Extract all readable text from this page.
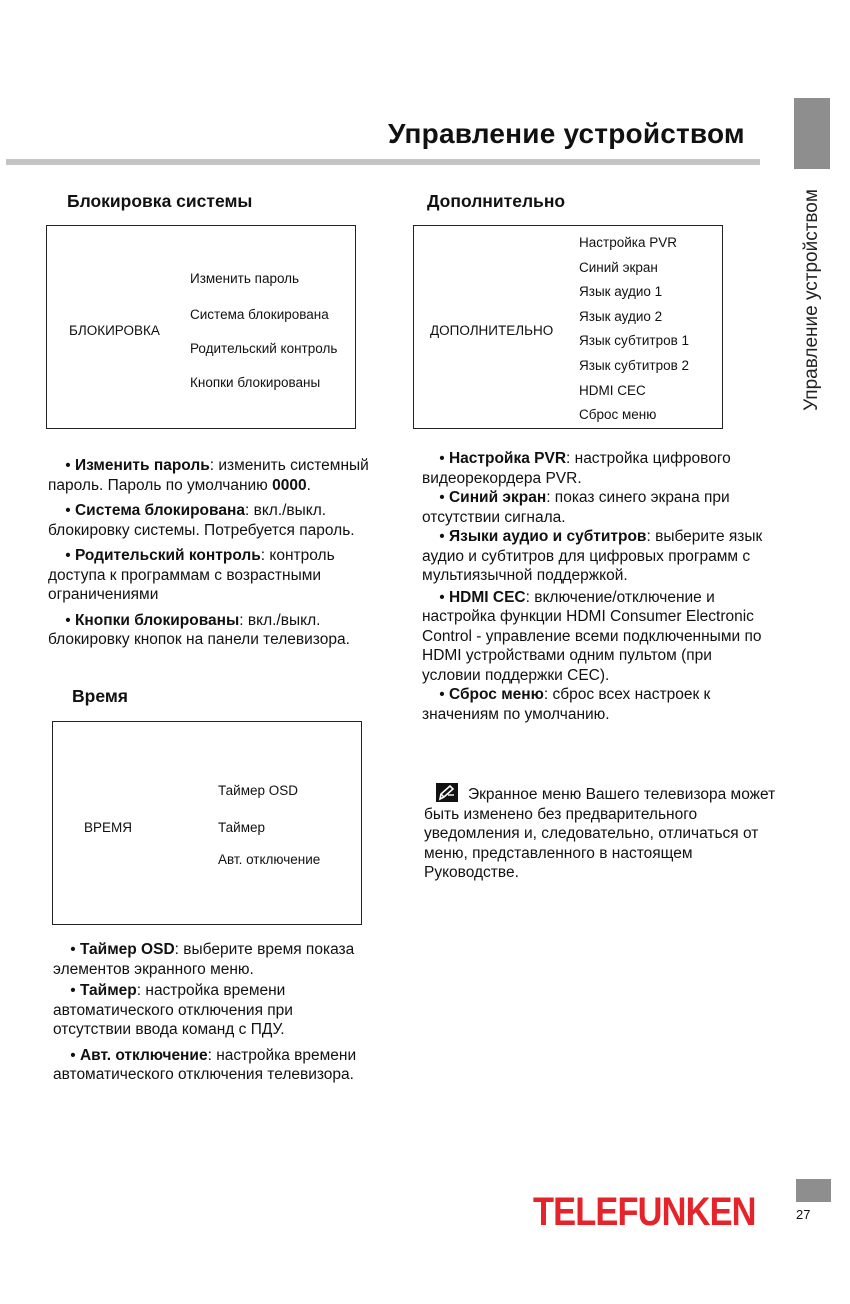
Управление устройством
Управление устройством
Блокировка системы
БЛОКИРОВКА
Изменить пароль
Система блокирована
Родительский контроль
Кнопки блокированы
• Изменить пароль: изменить системный пароль. Пароль по умолчанию 0000.
• Система блокирована: вкл./выкл. блокировку системы. Потребуется пароль.
• Родительский контроль: контроль доступа к программам с возрастными ограничениями
• Кнопки блокированы: вкл./выкл. блокировку кнопок на панели телевизора.
Время
ВРЕМЯ
Таймер OSD
Таймер
Авт. отключение
• Таймер OSD: выберите время показа элементов экранного меню.
• Таймер: настройка времени автоматического отключения при отсутствии ввода команд с ПДУ.
• Авт. отключение: настройка времени автоматического отключения телевизора.
Дополнительно
ДОПОЛНИТЕЛЬНО
Настройка PVR
Синий экран
Язык аудио 1
Язык аудио 2
Язык субтитров 1
Язык субтитров 2
HDMI CEC
Сброс меню
• Настройка PVR: настройка цифрового видеорекордера PVR.
• Синий экран: показ синего экрана при отсутствии сигнала.
• Языки аудио и субтитров: выберите язык аудио и субтитров для цифровых программ с мультиязычной поддержкой.
• HDMI CEC: включение/отключение и настройка функции HDMI Consumer Electronic Control - управление всеми подключенными по HDMI устройствами одним пультом (при условии поддержки CEC).
• Сброс меню: сброс всех настроек к значениям по умолчанию.
Экранное меню Вашего телевизора может быть изменено без предварительного уведомления и, следовательно, отличаться от меню, представленного в настоящем Руководстве.
TELEFUNKEN	27
